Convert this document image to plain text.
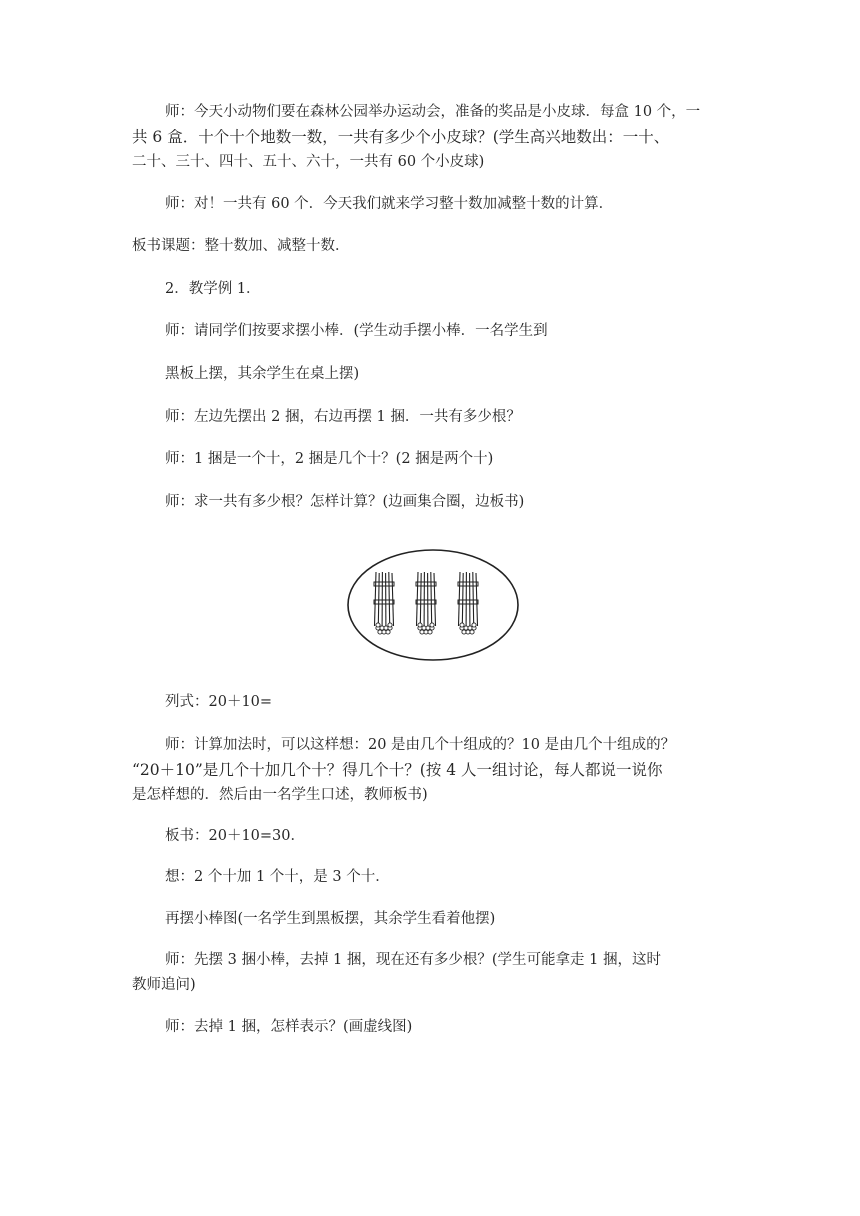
师：今天小动物们要在森林公园举办运动会，准备的奖品是小皮球．每盒 10 个，一
共 6 盒．十个十个地数一数，一共有多少个小皮球？(学生高兴地数出：一十、
二十、三十、四十、五十、六十，一共有 60 个小皮球)
师：对！一共有 60 个．今天我们就来学习整十数加减整十数的计算．
板书课题：整十数加、减整十数．
2．教学例 1．
师：请同学们按要求摆小棒．(学生动手摆小棒．一名学生到
黑板上摆，其余学生在桌上摆)
师：左边先摆出 2 捆，右边再摆 1 捆．一共有多少根？
师：1 捆是一个十，2 捆是几个十？(2 捆是两个十)
师：求一共有多少根？怎样计算？(边画集合圈，边板书)
列式：20＋10=
师：计算加法时，可以这样想：20 是由几个十组成的？10 是由几个十组成的？
“20＋10”是几个十加几个十？得几个十？(按 4 人一组讨论，每人都说一说你
是怎样想的．然后由一名学生口述，教师板书)
板书：20＋10=30．
想：2 个十加 1 个十，是 3 个十．
再摆小棒图(一名学生到黑板摆，其余学生看着他摆)
师：先摆 3 捆小棒，去掉 1 捆，现在还有多少根？(学生可能拿走 1 捆，这时
教师追问)
师：去掉 1 捆，怎样表示？(画虚线图)
